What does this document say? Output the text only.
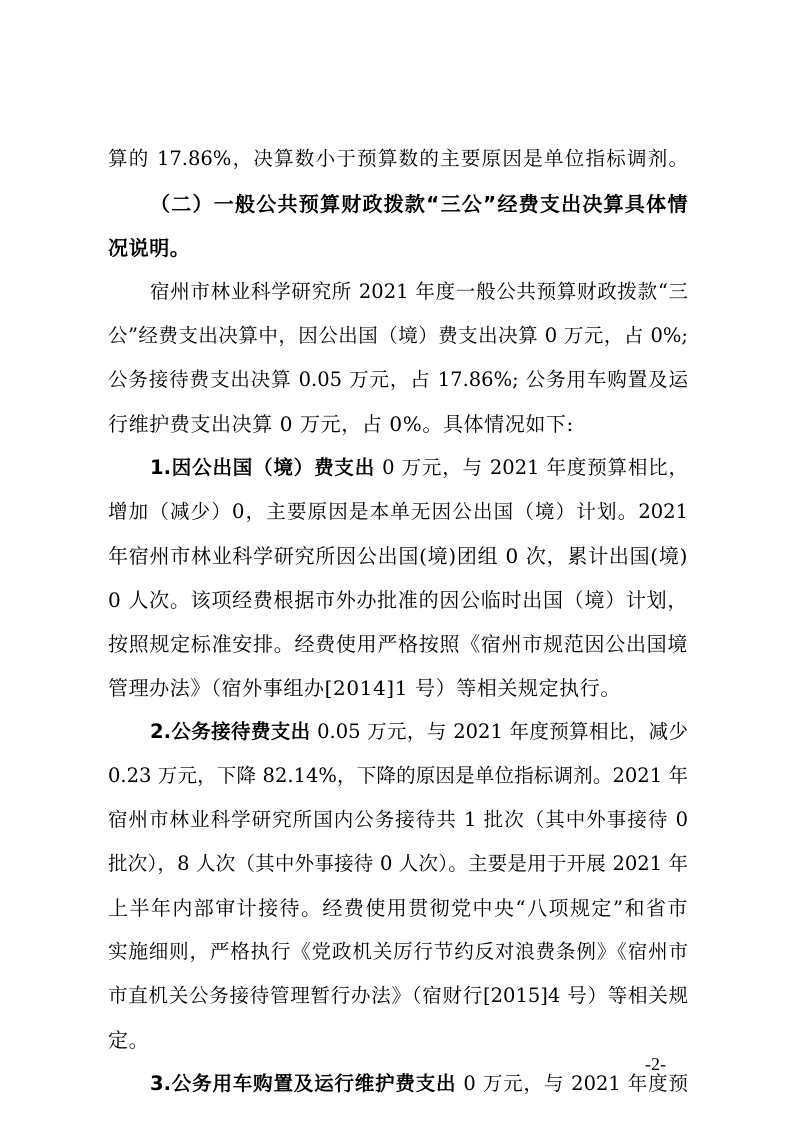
算的 17.86%，决算数小于预算数的主要原因是单位指标调剂。
（二）一般公共预算财政拨款“三公”经费支出决算具体情
况说明。
宿州市林业科学研究所 2021 年度一般公共预算财政拨款“三
公”经费支出决算中，因公出国（境）费支出决算 0 万元，占 0%;
公务接待费支出决算 0.05 万元，占 17.86%; 公务用车购置及运
行维护费支出决算 0 万元，占 0%。具体情况如下:
1.因公出国（境）费支出 0 万元，与 2021 年度预算相比，
增加（减少）0，主要原因是本单无因公出国（境）计划。2021
年宿州市林业科学研究所因公出国(境)团组 0 次，累计出国(境)
0 人次。该项经费根据市外办批准的因公临时出国（境）计划，
按照规定标准安排。经费使用严格按照《宿州市规范因公出国境
管理办法》（宿外事组办[2014]1 号）等相关规定执行。
2.公务接待费支出 0.05 万元，与 2021 年度预算相比，减少
0.23 万元，下降 82.14%，下降的原因是单位指标调剂。2021 年
宿州市林业科学研究所国内公务接待共 1 批次（其中外事接待 0
批次），8 人次（其中外事接待 0 人次）。主要是用于开展 2021 年
上半年内部审计接待。经费使用贯彻党中央“八项规定”和省市
实施细则，严格执行《党政机关厉行节约反对浪费条例》《宿州市
市直机关公务接待管理暂行办法》（宿财行[2015]4 号）等相关规
定。
3.公务用车购置及运行维护费支出 0 万元，与 2021 年度预
-2-
